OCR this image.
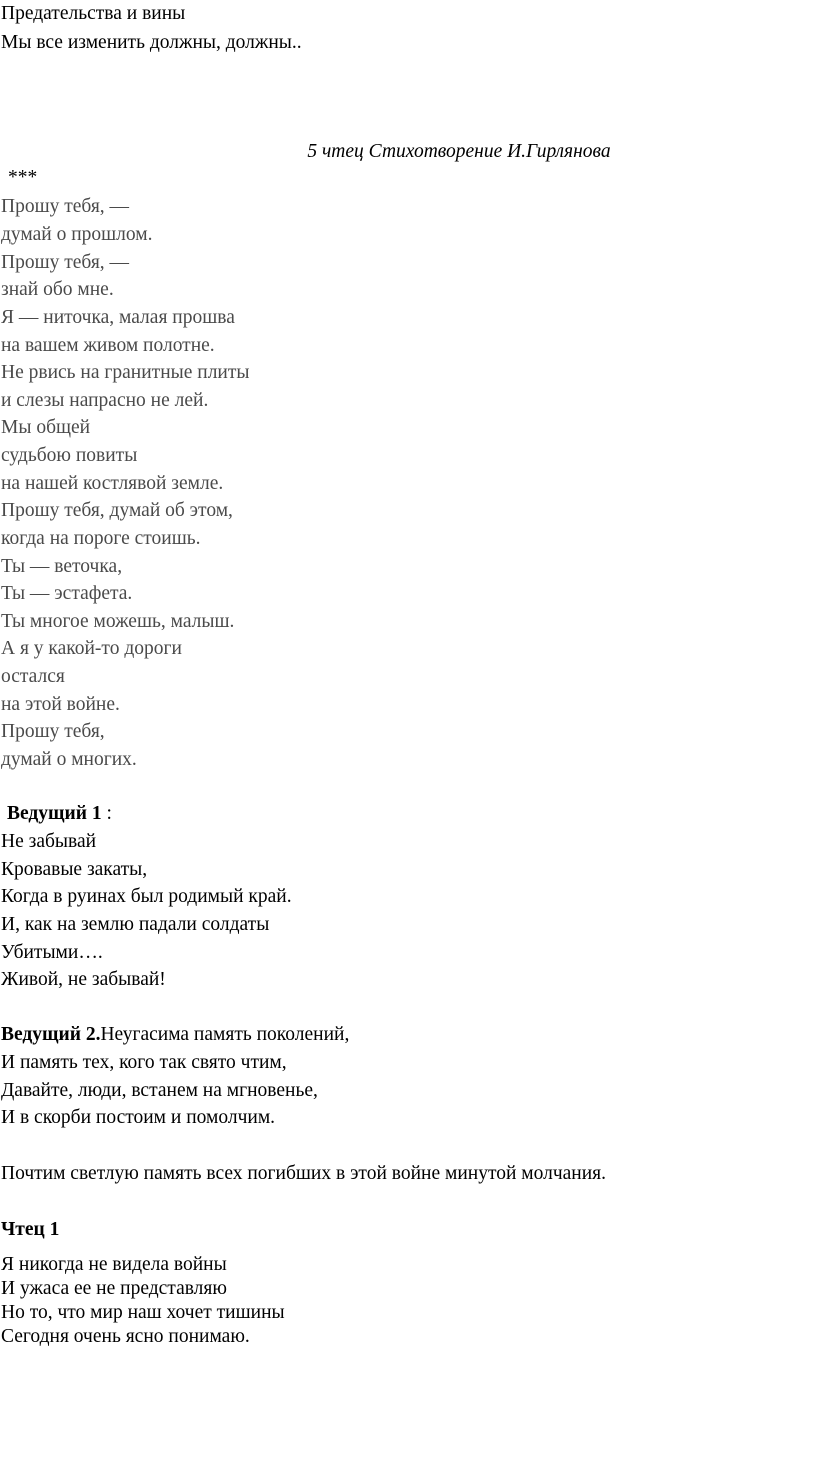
Предательства и вины

Мы все изменить должны, должны..

5 чтец Стихотворение И.Гирлянова
***

Прошу тебя, —

думай о прошлом.

Прошу тебя, —

знай обо мне.

Я — ниточка, малая прошва

на вашем живом полотне.

Не рвись на гранитные плиты

и слезы напрасно не лей.

Мы общей

судьбою повиты

на нашей костлявой земле.

Прошу тебя, думай об этом,

когда на пороге стоишь.

Ты — веточка,

Ты — эстафета.

Ты многое можешь, малыш.

А я у какой-то дороги

остался

на этой войне.

Прошу тебя,

думай о многих.

Ведущий 1 :

Не забывай

Кровавые закаты,

Когда в руинах был родимый край.

И, как на землю падали солдаты

Убитыми….

Живой, не забывай!

Ведущий 2.Неугасима память поколений,

И память тех, кого так свято чтим,

Давайте, люди, встанем на мгновенье,

И в скорби постоим и помолчим.

Почтим светлую память всех погибших в этой войне минутой молчания.

Чтец 1

Я никогда не видела войны

И ужаса ее не представляю

Но то, что мир наш хочет тишины

Сегодня очень ясно понимаю.
